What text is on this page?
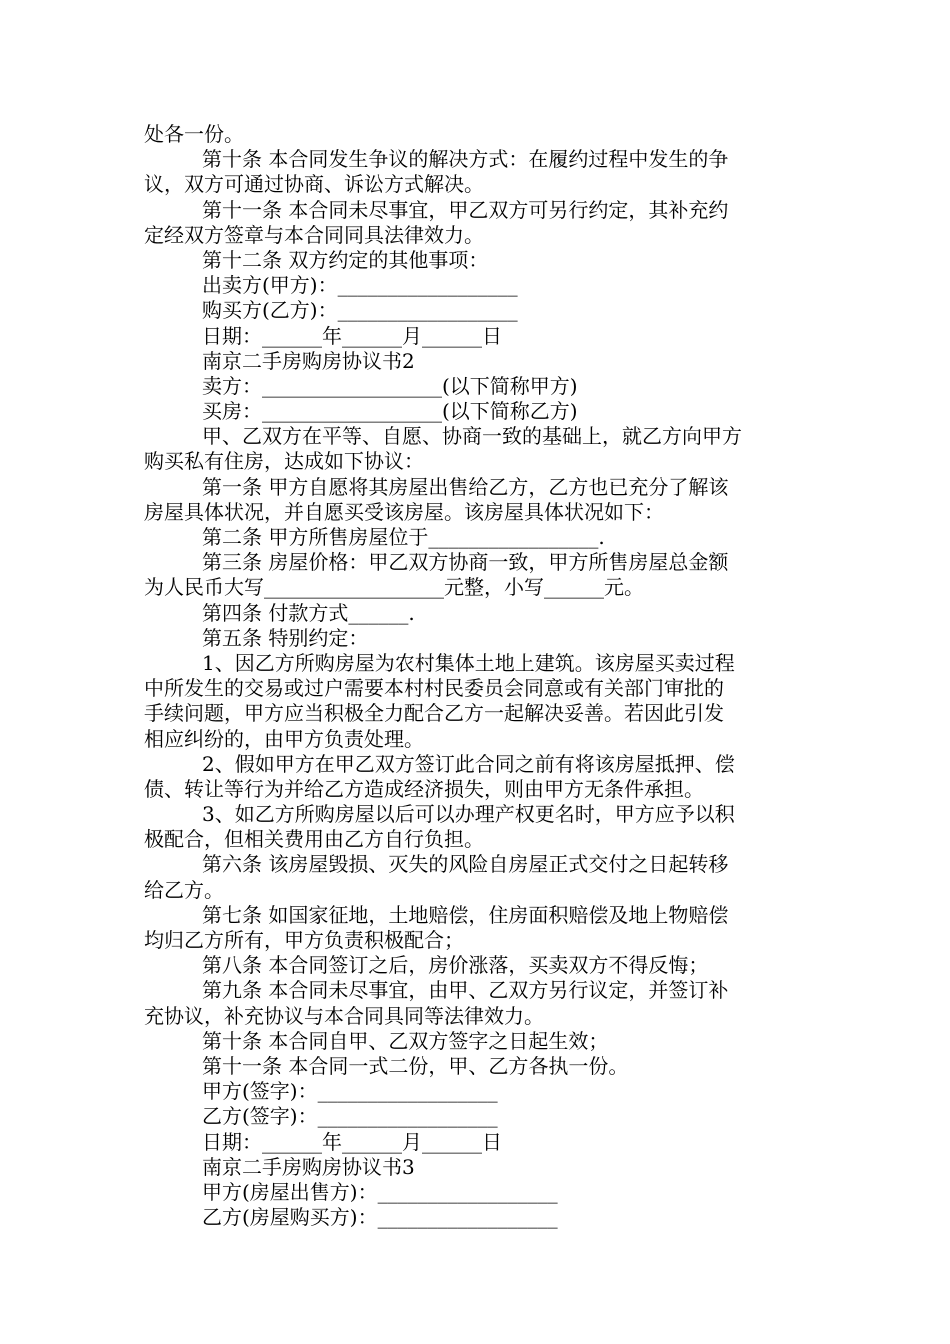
处各一份。
第十条 本合同发生争议的解决方式：在履约过程中发生的争
议，双方可通过协商、诉讼方式解决。
第十一条 本合同未尽事宜，甲乙双方可另行约定，其补充约
定经双方签章与本合同同具法律效力。
第十二条 双方约定的其他事项：
出卖方(甲方)：__________________
购买方(乙方)：__________________
日期：______年______月______日
南京二手房购房协议书2
卖方：__________________(以下简称甲方)
买房：__________________(以下简称乙方)
甲、乙双方在平等、自愿、协商一致的基础上，就乙方向甲方
购买私有住房，达成如下协议：
第一条 甲方自愿将其房屋出售给乙方，乙方也已充分了解该
房屋具体状况，并自愿买受该房屋。该房屋具体状况如下：
第二条 甲方所售房屋位于_________________.
第三条 房屋价格：甲乙双方协商一致，甲方所售房屋总金额
为人民币大写__________________元整，小写______元。
第四条 付款方式______.
第五条 特别约定：
1、因乙方所购房屋为农村集体土地上建筑。该房屋买卖过程
中所发生的交易或过户需要本村村民委员会同意或有关部门审批的
手续问题，甲方应当积极全力配合乙方一起解决妥善。若因此引发
相应纠纷的，由甲方负责处理。
2、假如甲方在甲乙双方签订此合同之前有将该房屋抵押、偿
债、转让等行为并给乙方造成经济损失，则由甲方无条件承担。
3、如乙方所购房屋以后可以办理产权更名时，甲方应予以积
极配合，但相关费用由乙方自行负担。
第六条 该房屋毁损、灭失的风险自房屋正式交付之日起转移
给乙方。
第七条 如国家征地，土地赔偿，住房面积赔偿及地上物赔偿
均归乙方所有，甲方负责积极配合；
第八条 本合同签订之后，房价涨落，买卖双方不得反悔；
第九条 本合同未尽事宜，由甲、乙双方另行议定，并签订补
充协议，补充协议与本合同具同等法律效力。
第十条 本合同自甲、乙双方签字之日起生效；
第十一条 本合同一式二份，甲、乙方各执一份。
甲方(签字)：__________________
乙方(签字)：__________________
日期：______年______月______日
南京二手房购房协议书3
甲方(房屋出售方)：__________________
乙方(房屋购买方)：__________________
